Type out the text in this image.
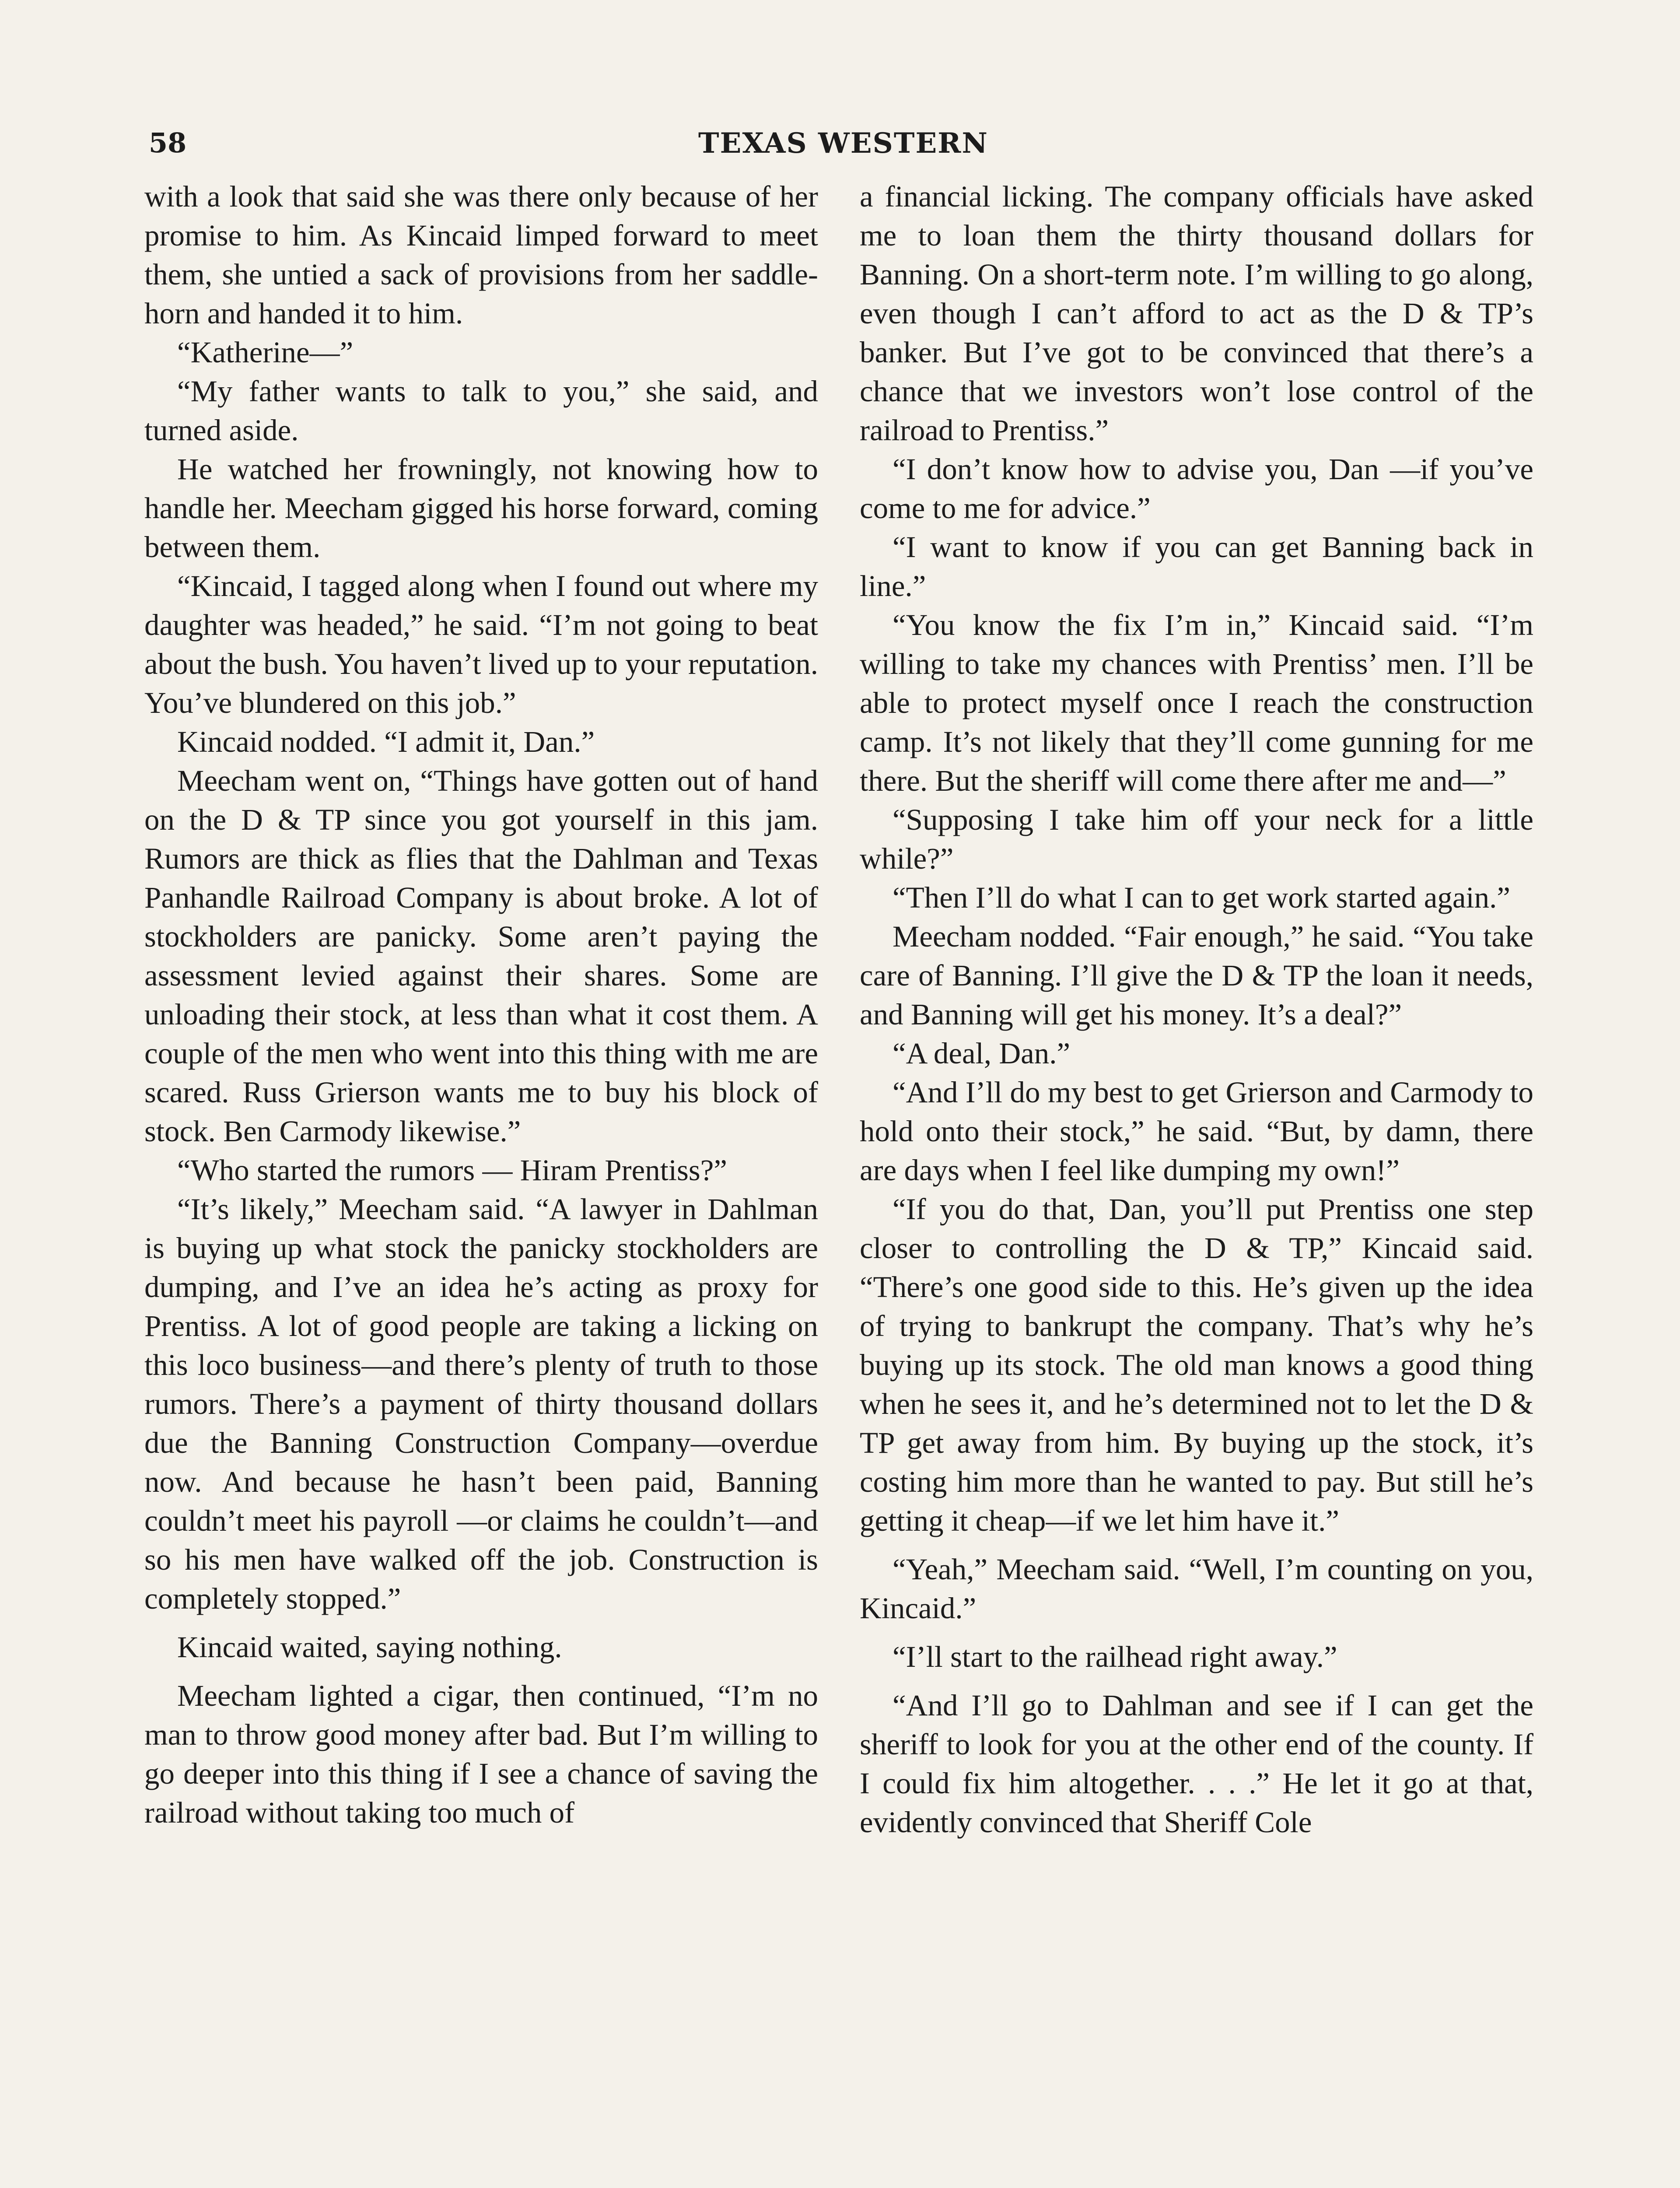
58	TEXAS WESTERN

with a look that said she was there only because of her promise to him. As Kincaid limped forward to meet them, she untied a sack of provisions from her saddle-horn and handed it to him.

“Katherine—”

“My father wants to talk to you,” she said, and turned aside.

He watched her frowningly, not knowing how to handle her. Meecham gigged his horse forward, coming between them.

“Kincaid, I tagged along when I found out where my daughter was headed,” he said. “I’m not going to beat about the bush. You haven’t lived up to your reputation. You’ve blundered on this job.”

Kincaid nodded. “I admit it, Dan.”

Meecham went on, “Things have gotten out of hand on the D & TP since you got yourself in this jam. Rumors are thick as flies that the Dahlman and Texas Panhandle Railroad Company is about broke. A lot of stockholders are panicky. Some aren’t paying the assessment levied against their shares. Some are unloading their stock, at less than what it cost them. A couple of the men who went into this thing with me are scared. Russ Grierson wants me to buy his block of stock. Ben Carmody likewise.”

“Who started the rumors — Hiram Prentiss?”

“It’s likely,” Meecham said. “A lawyer in Dahlman is buying up what stock the panicky stockholders are dumping, and I’ve an idea he’s acting as proxy for Prentiss. A lot of good people are taking a licking on this loco business—and there’s plenty of truth to those rumors. There’s a payment of thirty thousand dollars due the Banning Construction Company—overdue now. And because he hasn’t been paid, Banning couldn’t meet his payroll —or claims he couldn’t—and so his men have walked off the job. Construction is completely stopped.”

Kincaid waited, saying nothing.

Meecham lighted a cigar, then continued, “I’m no man to throw good money after bad. But I’m willing to go deeper into this thing if I see a chance of saving the railroad without taking too much of

a financial licking. The company officials have asked me to loan them the thirty thousand dollars for Banning. On a short-term note. I’m willing to go along, even though I can’t afford to act as the D & TP’s banker. But I’ve got to be convinced that there’s a chance that we investors won’t lose control of the railroad to Prentiss.”

“I don’t know how to advise you, Dan —if you’ve come to me for advice.”

“I want to know if you can get Banning back in line.”

“You know the fix I’m in,” Kincaid said. “I’m willing to take my chances with Prentiss’ men. I’ll be able to protect myself once I reach the construction camp. It’s not likely that they’ll come gunning for me there. But the sheriff will come there after me and—”

“Supposing I take him off your neck for a little while?”

“Then I’ll do what I can to get work started again.”

Meecham nodded. “Fair enough,” he said. “You take care of Banning. I’ll give the D & TP the loan it needs, and Banning will get his money. It’s a deal?”

“A deal, Dan.”

“And I’ll do my best to get Grierson and Carmody to hold onto their stock,” he said. “But, by damn, there are days when I feel like dumping my own!”

“If you do that, Dan, you’ll put Prentiss one step closer to controlling the D & TP,” Kincaid said. “There’s one good side to this. He’s given up the idea of trying to bankrupt the company. That’s why he’s buying up its stock. The old man knows a good thing when he sees it, and he’s determined not to let the D & TP get away from him. By buying up the stock, it’s costing him more than he wanted to pay. But still he’s getting it cheap—if we let him have it.”

“Yeah,” Meecham said. “Well, I’m counting on you, Kincaid.”

“I’ll start to the railhead right away.”

“And I’ll go to Dahlman and see if I can get the sheriff to look for you at the other end of the county. If I could fix him altogether. . . .” He let it go at that, evidently convinced that Sheriff Cole
